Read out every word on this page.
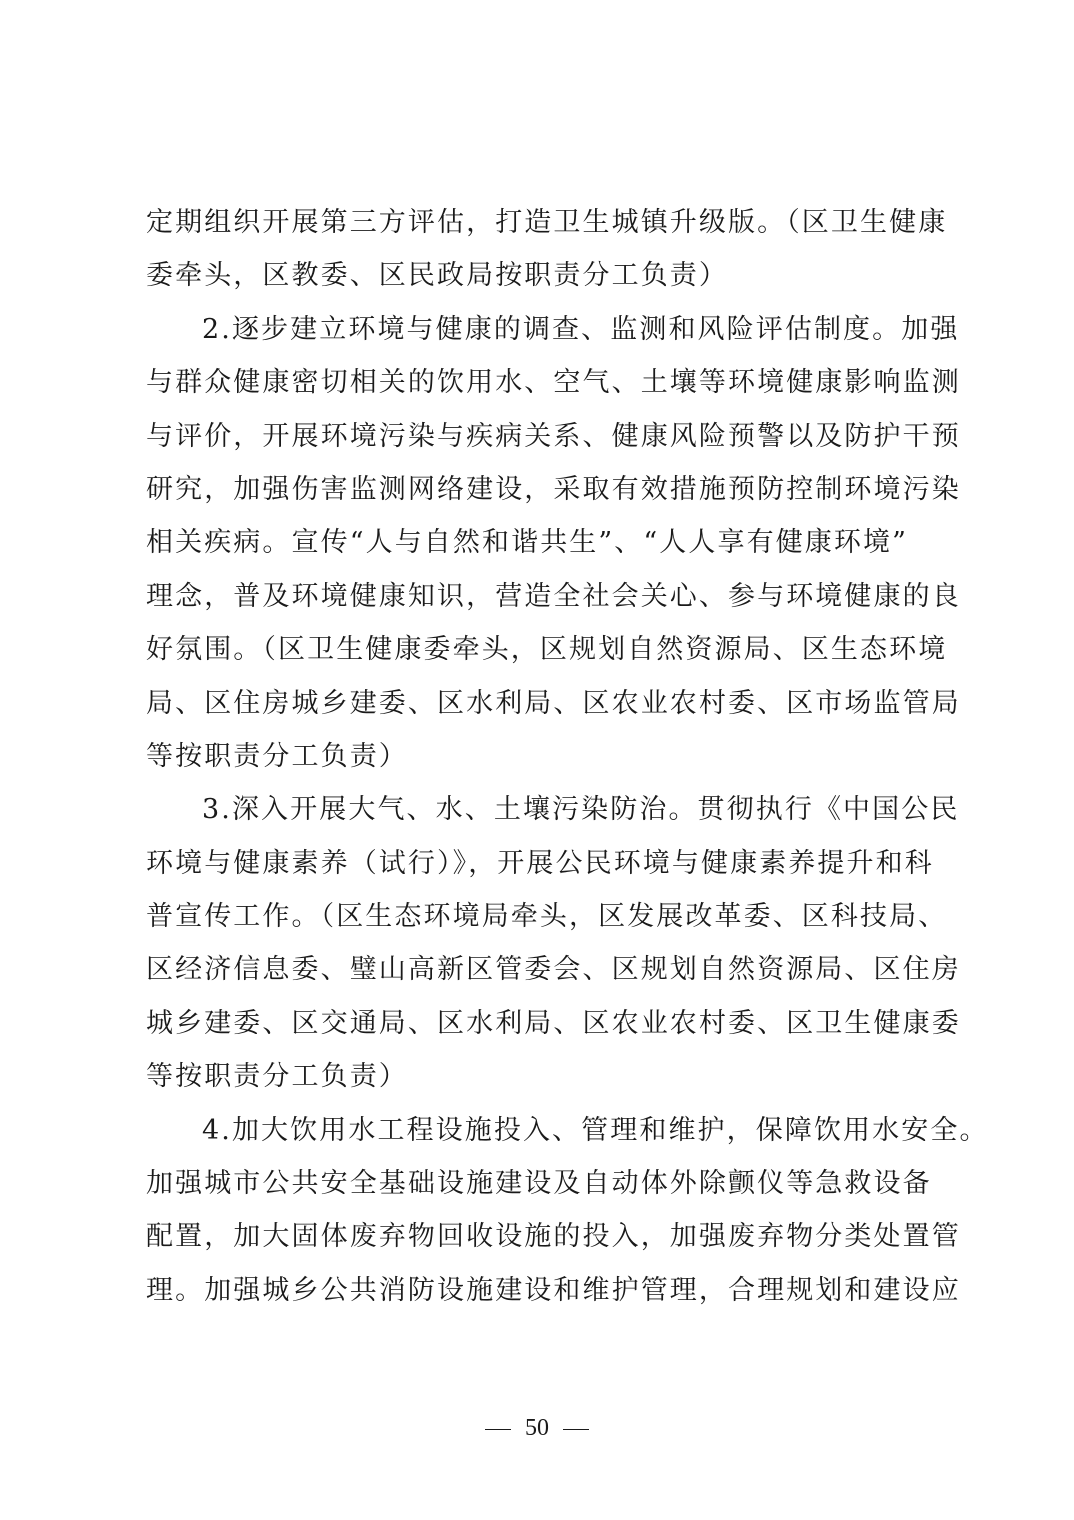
定期组织开展第三方评估，打造卫生城镇升级版。（区卫生健康
委牵头，区教委、区民政局按职责分工负责）
2.逐步建立环境与健康的调查、监测和风险评估制度。加强
与群众健康密切相关的饮用水、空气、土壤等环境健康影响监测
与评价，开展环境污染与疾病关系、健康风险预警以及防护干预
研究，加强伤害监测网络建设，采取有效措施预防控制环境污染
相关疾病。宣传“人与自然和谐共生”、“人人享有健康环境”
理念，普及环境健康知识，营造全社会关心、参与环境健康的良
好氛围。（区卫生健康委牵头，区规划自然资源局、区生态环境
局、区住房城乡建委、区水利局、区农业农村委、区市场监管局
等按职责分工负责）
3.深入开展大气、水、土壤污染防治。贯彻执行《中国公民
环境与健康素养（试行）》，开展公民环境与健康素养提升和科
普宣传工作。（区生态环境局牵头，区发展改革委、区科技局、
区经济信息委、璧山高新区管委会、区规划自然资源局、区住房
城乡建委、区交通局、区水利局、区农业农村委、区卫生健康委
等按职责分工负责）
4.加大饮用水工程设施投入、管理和维护，保障饮用水安全。
加强城市公共安全基础设施建设及自动体外除颤仪等急救设备
配置，加大固体废弃物回收设施的投入，加强废弃物分类处置管
理。加强城乡公共消防设施建设和维护管理，合理规划和建设应
50
